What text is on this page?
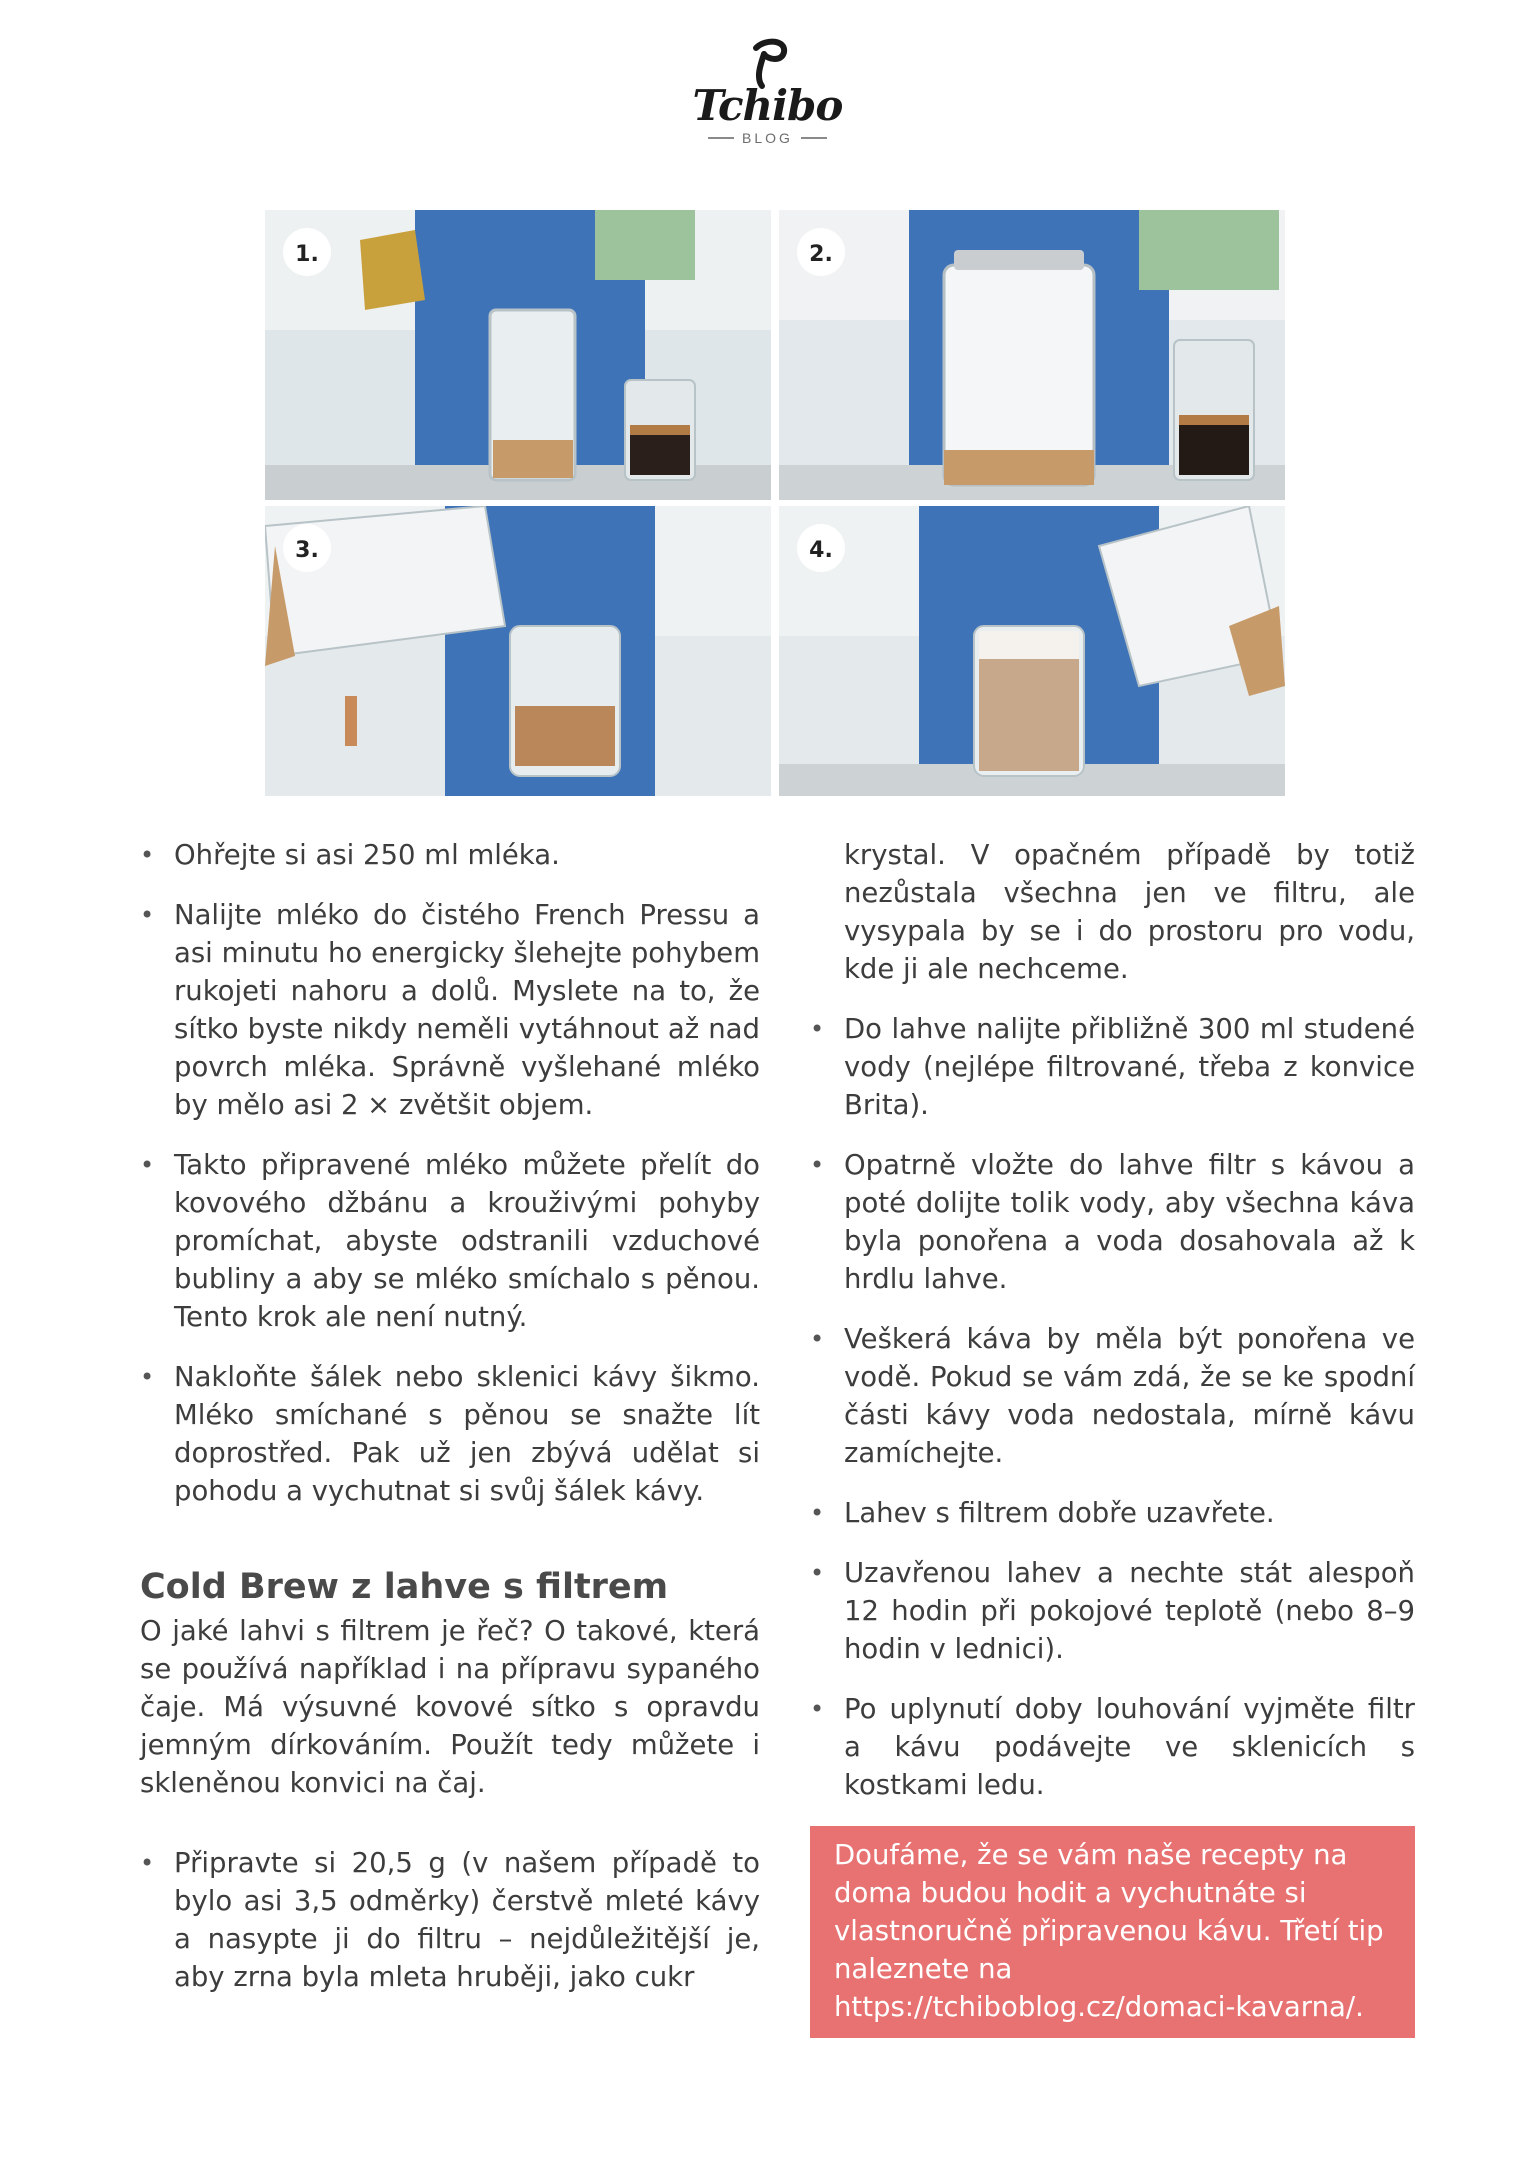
Tchibo
BLOG
1.	2.
3.	4.
• Ohřejte si asi 250 ml mléka.
• Nalijte mléko do čistého French Pressu a asi minutu ho energicky šlehejte pohybem rukojeti nahoru a dolů. Myslete na to, že sítko byste nikdy neměli vytáhnout až nad povrch mléka. Správně vyšlehané mléko by mělo asi 2 × zvětšit objem.
• Takto připravené mléko můžete přelít do kovového džbánu a krouživými pohyby promíchat, abyste odstranili vzduchové bubliny a aby se mléko smíchalo s pěnou. Tento krok ale není nutný.
• Nakloňte šálek nebo sklenici kávy šikmo. Mléko smíchané s pěnou se snažte lít doprostřed. Pak už jen zbývá udělat si pohodu a vychutnat si svůj šálek kávy.
Cold Brew z lahve s filtrem

O jaké lahvi s filtrem je řeč? O takové, která se používá například i na přípravu sypaného čaje. Má výsuvné kovové sítko s opravdu jemným dírkováním. Použít tedy můžete i skleněnou konvici na čaj.

• Připravte si 20,5 g (v našem případě to bylo asi 3,5 odměrky) čerstvě mleté kávy a nasypte ji do filtru – nejdůležitější je, aby zrna byla mleta hruběji, jako cukr
krystal. V opačném případě by totiž nezůstala všechna jen ve filtru, ale vysypala by se i do prostoru pro vodu, kde ji ale nechceme.
• Do lahve nalijte přibližně 300 ml studené vody (nejlépe filtrované, třeba z konvice Brita).
• Opatrně vložte do lahve filtr s kávou a poté dolijte tolik vody, aby všechna káva byla ponořena a voda dosahovala až k hrdlu lahve.
• Veškerá káva by měla být ponořena ve vodě. Pokud se vám zdá, že se ke spodní části kávy voda nedostala, mírně kávu zamíchejte.
• Lahev s filtrem dobře uzavřete.
• Uzavřenou lahev a nechte stát alespoň 12 hodin při pokojové teplotě (nebo 8–9 hodin v lednici).
• Po uplynutí doby louhování vyjměte filtr a kávu podávejte ve sklenicích s kostkami ledu.
Doufáme, že se vám naše recepty na doma budou hodit a vychutnáte si vlastnoručně připravenou kávu. Třetí tip naleznete na https://tchiboblog.cz/domaci-kavarna/.
